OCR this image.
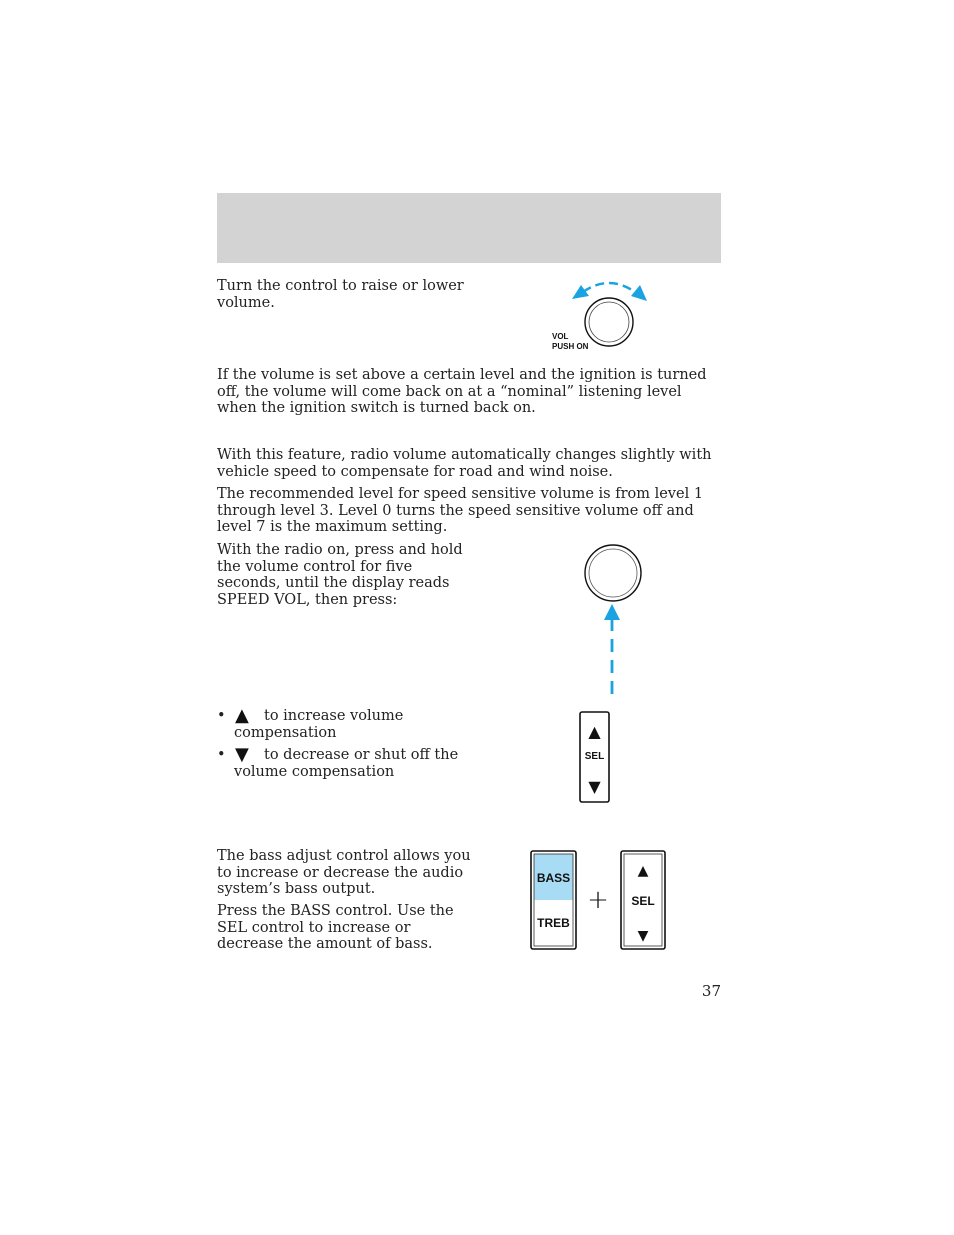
Turn the control to raise or lower volume.
VOL
PUSH ON
If the volume is set above a certain level and the ignition is turned off, the volume will come back on at a “nominal” listening level when the ignition switch is turned back on.
With this feature, radio volume automatically changes slightly with vehicle speed to compensate for road and wind noise.
The recommended level for speed sensitive volume is from level 1 through level 3. Level 0 turns the speed sensitive volume off and level 7 is the maximum setting.
With the radio on, press and hold the volume control for five seconds, until the display reads SPEED VOL, then press:
• ▲ to increase volume
compensation
• ▼ to decrease or shut off the
volume compensation
▲
SEL
▼
The bass adjust control allows you to increase or decrease the audio system’s bass output.
Press the BASS control. Use the SEL control to increase or decrease the amount of bass.
BASS
TREB
+
▲
SEL
▼
37
